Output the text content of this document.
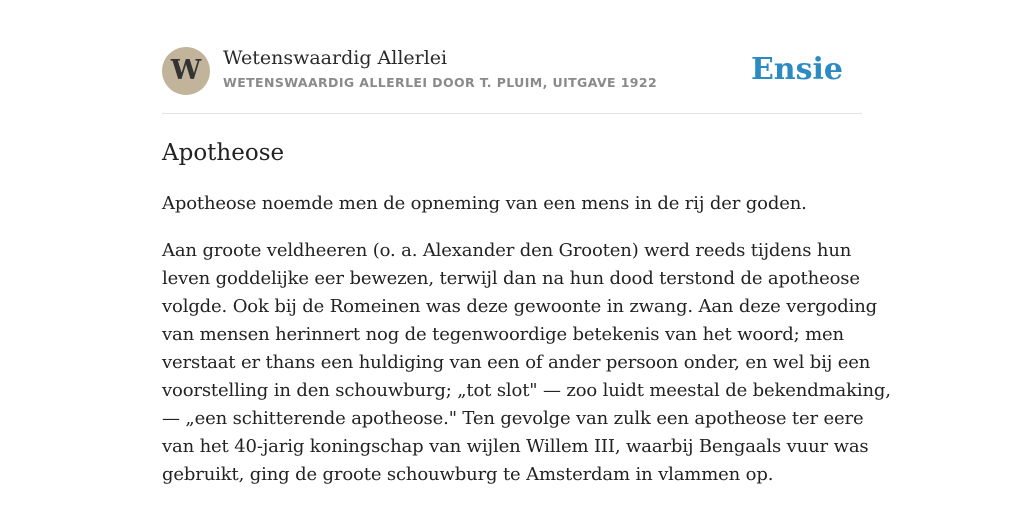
W	Wetenswaardig Allerlei
WETENSWAARDIG ALLERLEI DOOR T. PLUIM, UITGAVE 1922	Ensie
Apotheose

Apotheose noemde men de opneming van een mens in de rij der goden.

Aan groote veldheeren (o. a. Alexander den Grooten) werd reeds tijdens hun
leven goddelijke eer bewezen, terwijl dan na hun dood terstond de apotheose
volgde. Ook bij de Romeinen was deze gewoonte in zwang. Aan deze vergoding
van mensen herinnert nog de tegenwoordige betekenis van het woord; men
verstaat er thans een huldiging van een of ander persoon onder, en wel bij een
voorstelling in den schouwburg; „tot slot" — zoo luidt meestal de bekendmaking,
— „een schitterende apotheose." Ten gevolge van zulk een apotheose ter eere
van het 40-jarig koningschap van wijlen Willem III, waarbij Bengaals vuur was
gebruikt, ging de groote schouwburg te Amsterdam in vlammen op.
